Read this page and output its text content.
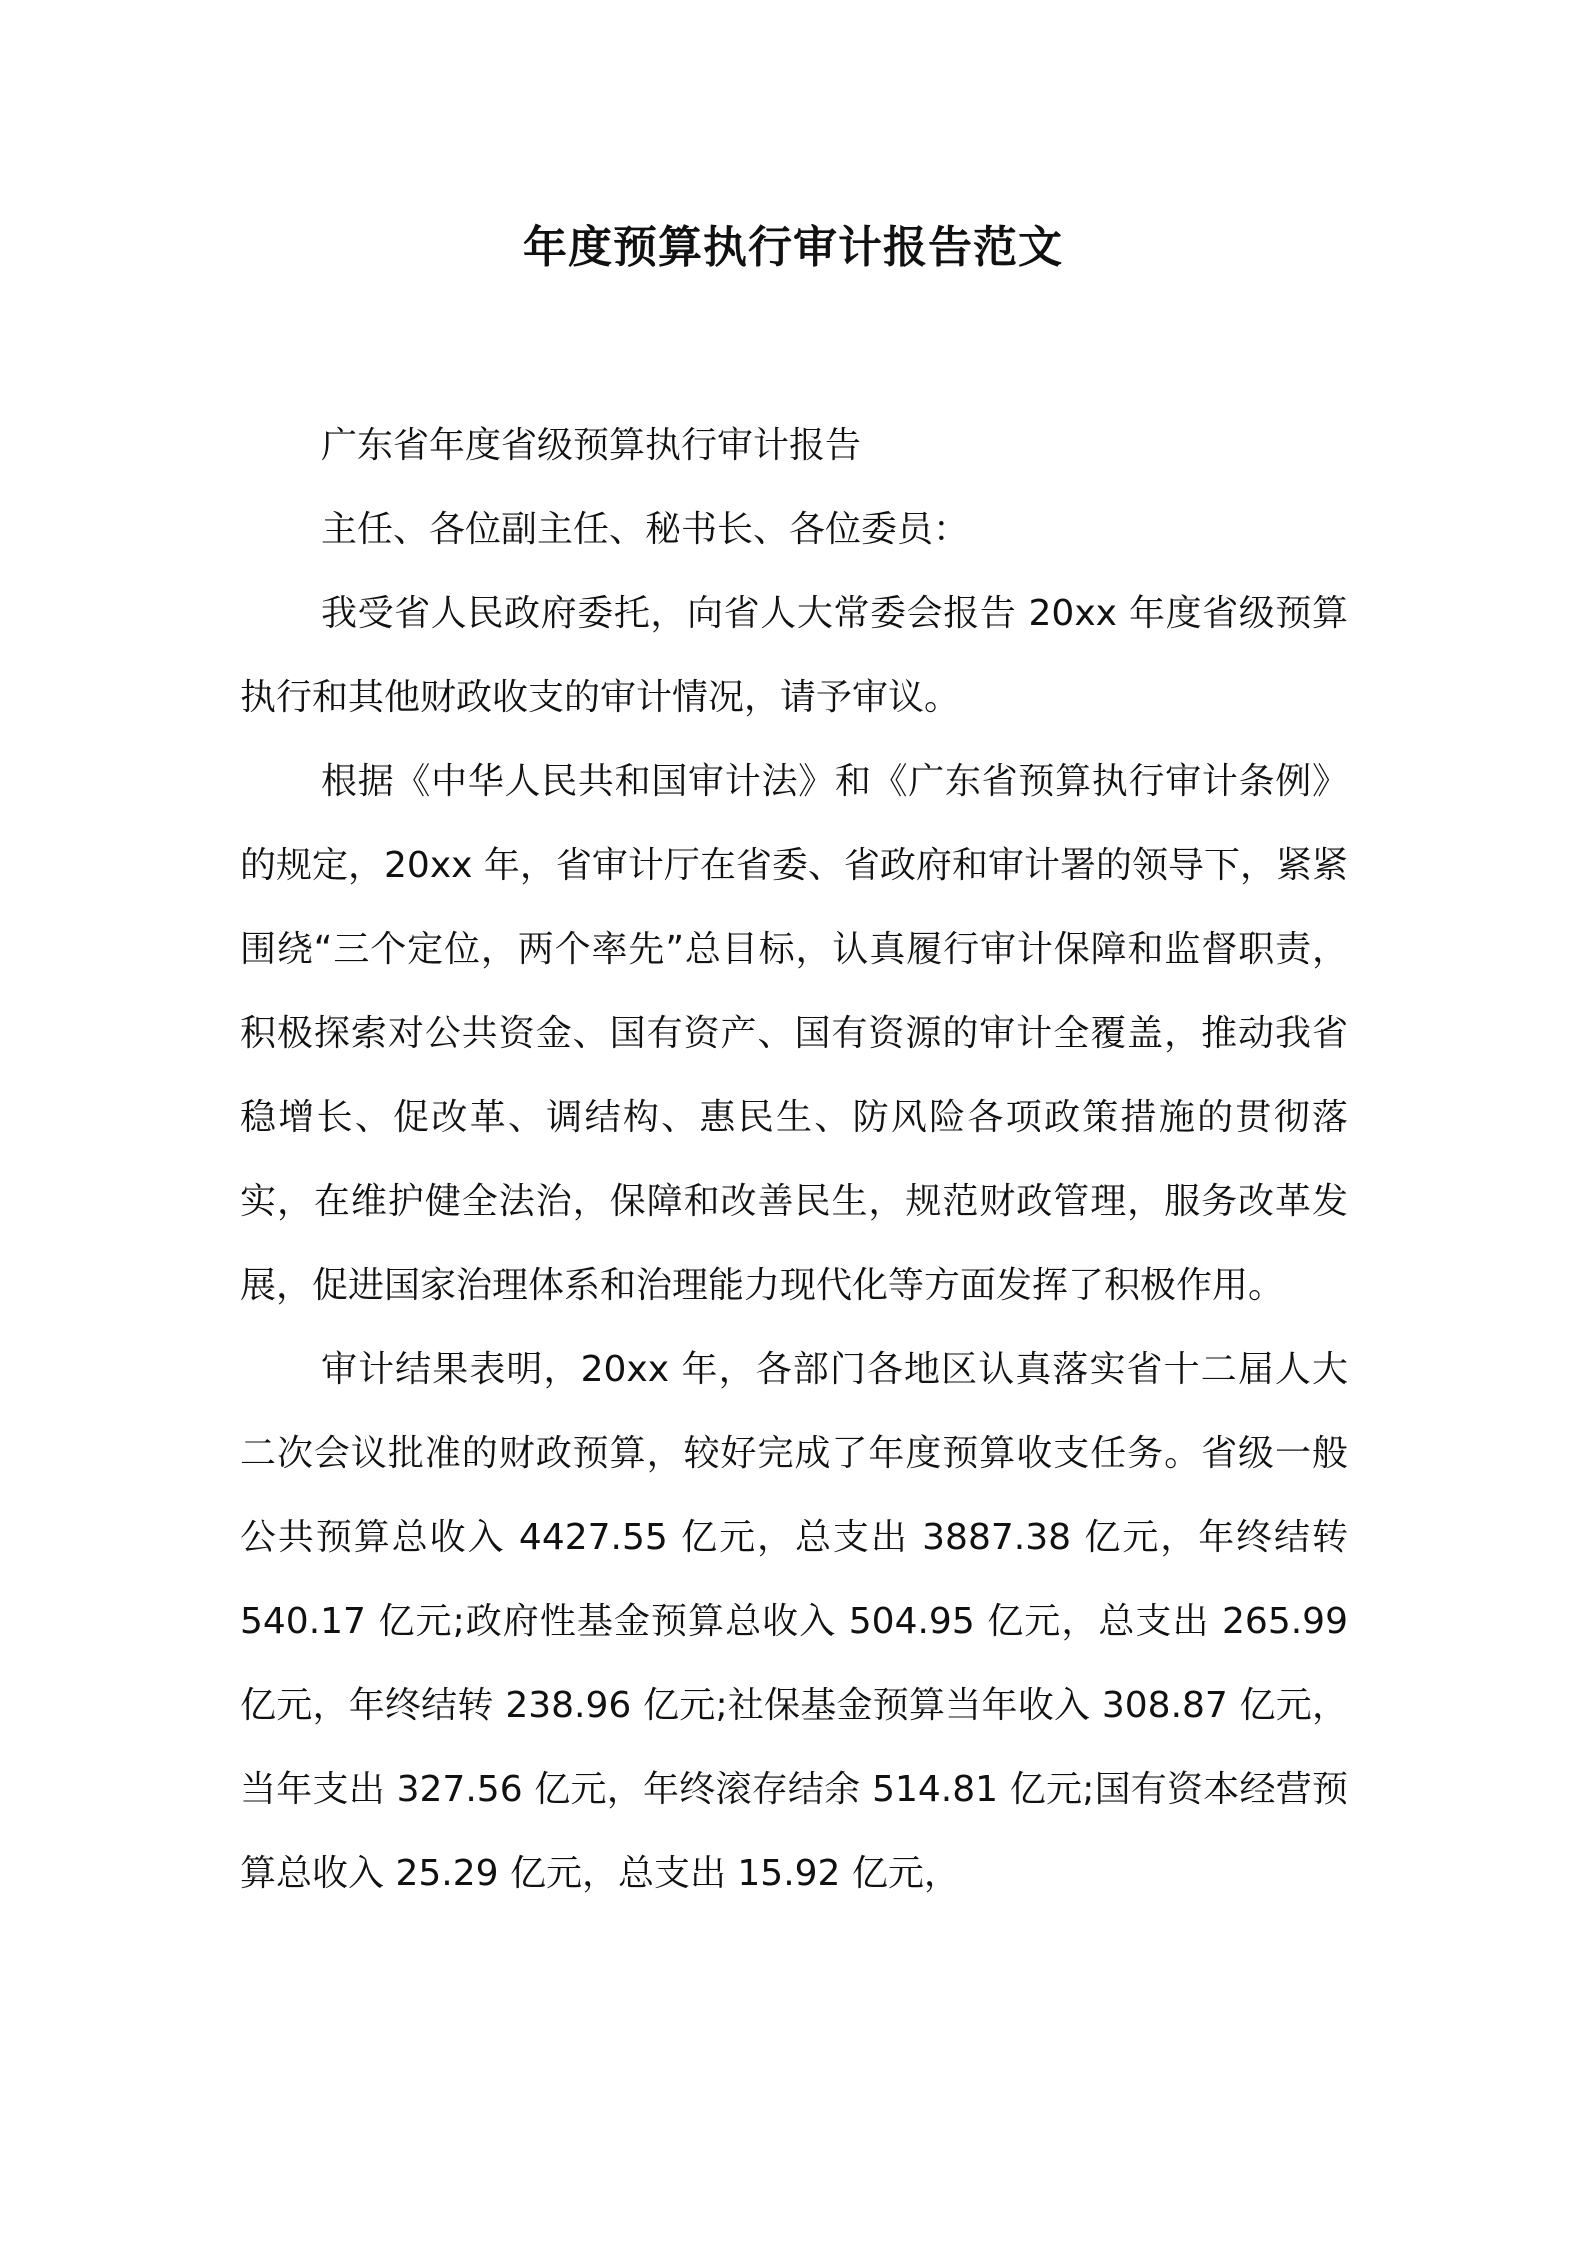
年度预算执行审计报告范文

广东省年度省级预算执行审计报告

主任、各位副主任、秘书长、各位委员：

我受省人民政府委托，向省人大常委会报告 20xx 年度省级预算执行和其他财政收支的审计情况，请予审议。

根据《中华人民共和国审计法》和《广东省预算执行审计条例》的规定，20xx 年，省审计厅在省委、省政府和审计署的领导下，紧紧围绕“三个定位，两个率先”总目标，认真履行审计保障和监督职责，积极探索对公共资金、国有资产、国有资源的审计全覆盖，推动我省稳增长、促改革、调结构、惠民生、防风险各项政策措施的贯彻落实，在维护健全法治，保障和改善民生，规范财政管理，服务改革发展，促进国家治理体系和治理能力现代化等方面发挥了积极作用。

审计结果表明，20xx 年，各部门各地区认真落实省十二届人大二次会议批准的财政预算，较好完成了年度预算收支任务。省级一般公共预算总收入 4427.55 亿元，总支出 3887.38 亿元，年终结转 540.17 亿元;政府性基金预算总收入 504.95 亿元，总支出 265.99 亿元，年终结转 238.96 亿元;社保基金预算当年收入 308.87 亿元，当年支出 327.56 亿元，年终滚存结余 514.81 亿元;国有资本经营预算总收入 25.29 亿元，总支出 15.92 亿元，
